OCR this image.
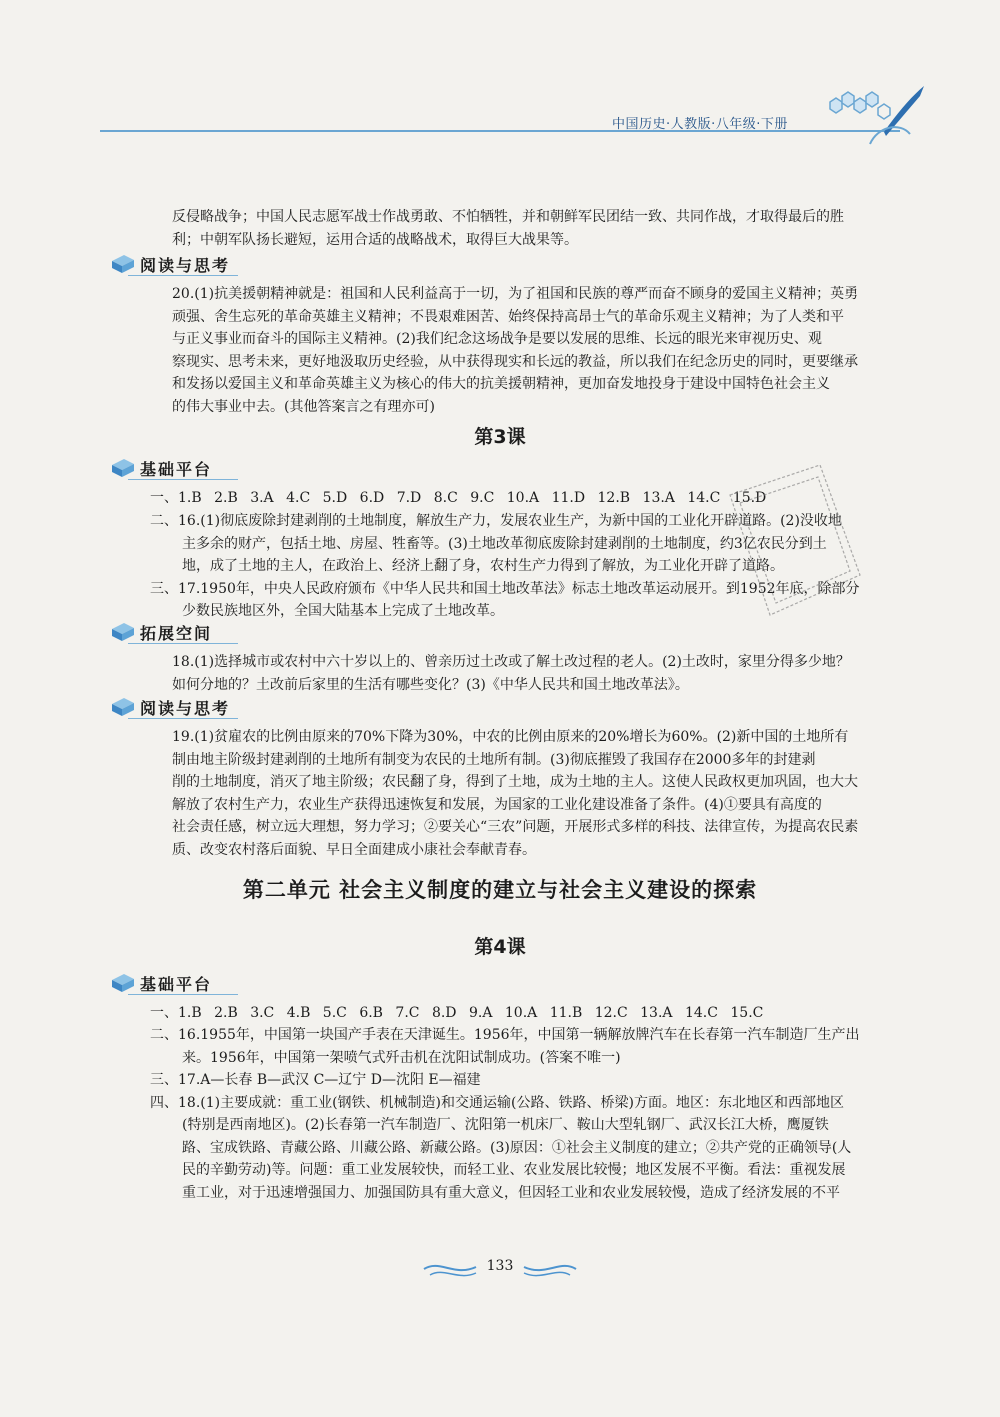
中国历史·人教版·八年级·下册
反侵略战争；中国人民志愿军战士作战勇敢、不怕牺牲，并和朝鲜军民团结一致、共同作战，才取得最后的胜
利；中朝军队扬长避短，运用合适的战略战术，取得巨大战果等。
阅读与思考
20.(1)抗美援朝精神就是：祖国和人民利益高于一切，为了祖国和民族的尊严而奋不顾身的爱国主义精神；英勇
顽强、舍生忘死的革命英雄主义精神；不畏艰难困苦、始终保持高昂士气的革命乐观主义精神；为了人类和平
与正义事业而奋斗的国际主义精神。(2)我们纪念这场战争是要以发展的思维、长远的眼光来审视历史、观
察现实、思考未来，更好地汲取历史经验，从中获得现实和长远的教益，所以我们在纪念历史的同时，更要继承
和发扬以爱国主义和革命英雄主义为核心的伟大的抗美援朝精神，更加奋发地投身于建设中国特色社会主义
的伟大事业中去。(其他答案言之有理亦可)
第3课
基础平台
一、1.B 2.B 3.A 4.C 5.D 6.D 7.D 8.C 9.C 10.A 11.D 12.B 13.A 14.C 15.D
二、16.(1)彻底废除封建剥削的土地制度，解放生产力，发展农业生产，为新中国的工业化开辟道路。(2)没收地
主多余的财产，包括土地、房屋、牲畜等。(3)土地改革彻底废除封建剥削的土地制度，约3亿农民分到土
地，成了土地的主人，在政治上、经济上翻了身，农村生产力得到了解放，为工业化开辟了道路。
三、17.1950年，中央人民政府颁布《中华人民共和国土地改革法》标志土地改革运动展开。到1952年底，除部分
少数民族地区外，全国大陆基本上完成了土地改革。
拓展空间
18.(1)选择城市或农村中六十岁以上的、曾亲历过土改或了解土改过程的老人。(2)土改时，家里分得多少地？
如何分地的？土改前后家里的生活有哪些变化？(3)《中华人民共和国土地改革法》。
阅读与思考
19.(1)贫雇农的比例由原来的70%下降为30%，中农的比例由原来的20%增长为60%。(2)新中国的土地所有
制由地主阶级封建剥削的土地所有制变为农民的土地所有制。(3)彻底摧毁了我国存在2000多年的封建剥
削的土地制度，消灭了地主阶级；农民翻了身，得到了土地，成为土地的主人。这使人民政权更加巩固，也大大
解放了农村生产力，农业生产获得迅速恢复和发展，为国家的工业化建设准备了条件。(4)①要具有高度的
社会责任感，树立远大理想，努力学习；②要关心“三农”问题，开展形式多样的科技、法律宣传，为提高农民素
质、改变农村落后面貌、早日全面建成小康社会奉献青春。
第二单元 社会主义制度的建立与社会主义建设的探索
第4课
基础平台
一、1.B 2.B 3.C 4.B 5.C 6.B 7.C 8.D 9.A 10.A 11.B 12.C 13.A 14.C 15.C
二、16.1955年，中国第一块国产手表在天津诞生。1956年，中国第一辆解放牌汽车在长春第一汽车制造厂生产出
来。1956年，中国第一架喷气式歼击机在沈阳试制成功。(答案不唯一)
三、17.A—长春 B—武汉 C—辽宁 D—沈阳 E—福建
四、18.(1)主要成就：重工业(钢铁、机械制造)和交通运输(公路、铁路、桥梁)方面。地区：东北地区和西部地区
(特别是西南地区)。(2)长春第一汽车制造厂、沈阳第一机床厂、鞍山大型轧钢厂、武汉长江大桥，鹰厦铁
路、宝成铁路、青藏公路、川藏公路、新藏公路。(3)原因：①社会主义制度的建立；②共产党的正确领导(人
民的辛勤劳动)等。问题：重工业发展较快，而轻工业、农业发展比较慢；地区发展不平衡。看法：重视发展
重工业，对于迅速增强国力、加强国防具有重大意义，但因轻工业和农业发展较慢，造成了经济发展的不平
133
